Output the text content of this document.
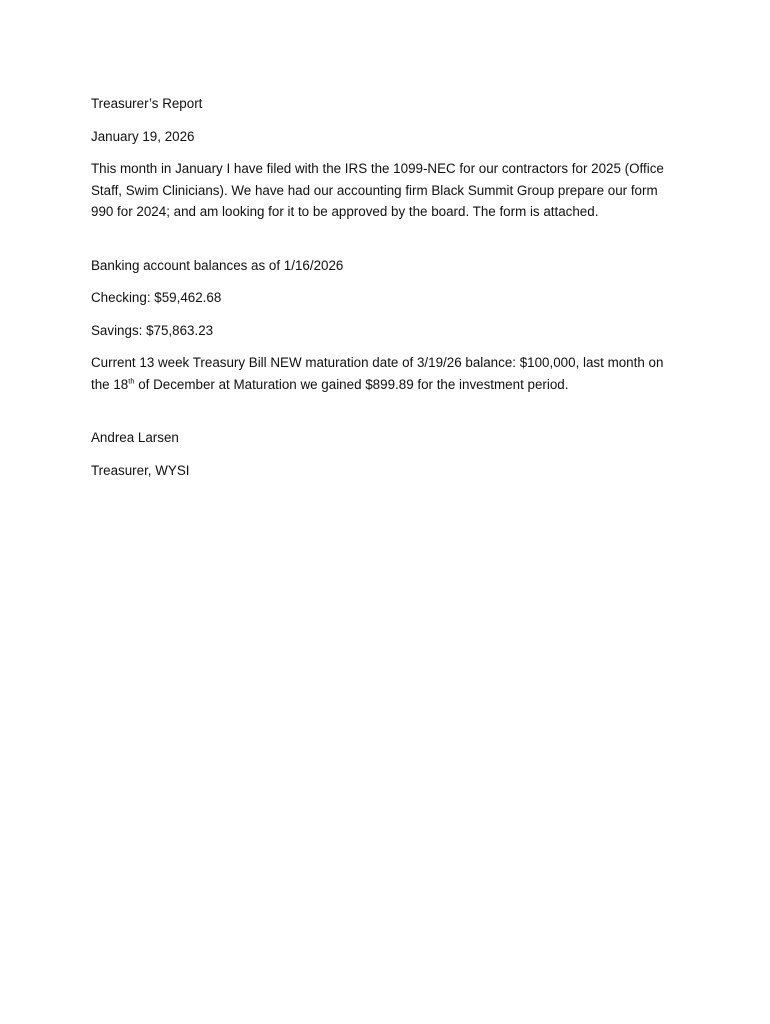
Treasurer’s Report

January 19, 2026

This month in January I have filed with the IRS the 1099-NEC for our contractors for 2025 (Office Staff, Swim Clinicians). We have had our accounting firm Black Summit Group prepare our form 990 for 2024; and am looking for it to be approved by the board. The form is attached.

Banking account balances as of 1/16/2026

Checking: $59,462.68

Savings: $75,863.23

Current 13 week Treasury Bill NEW maturation date of 3/19/26 balance: $100,000, last month on the 18th of December at Maturation we gained $899.89 for the investment period.

Andrea Larsen

Treasurer, WYSI
